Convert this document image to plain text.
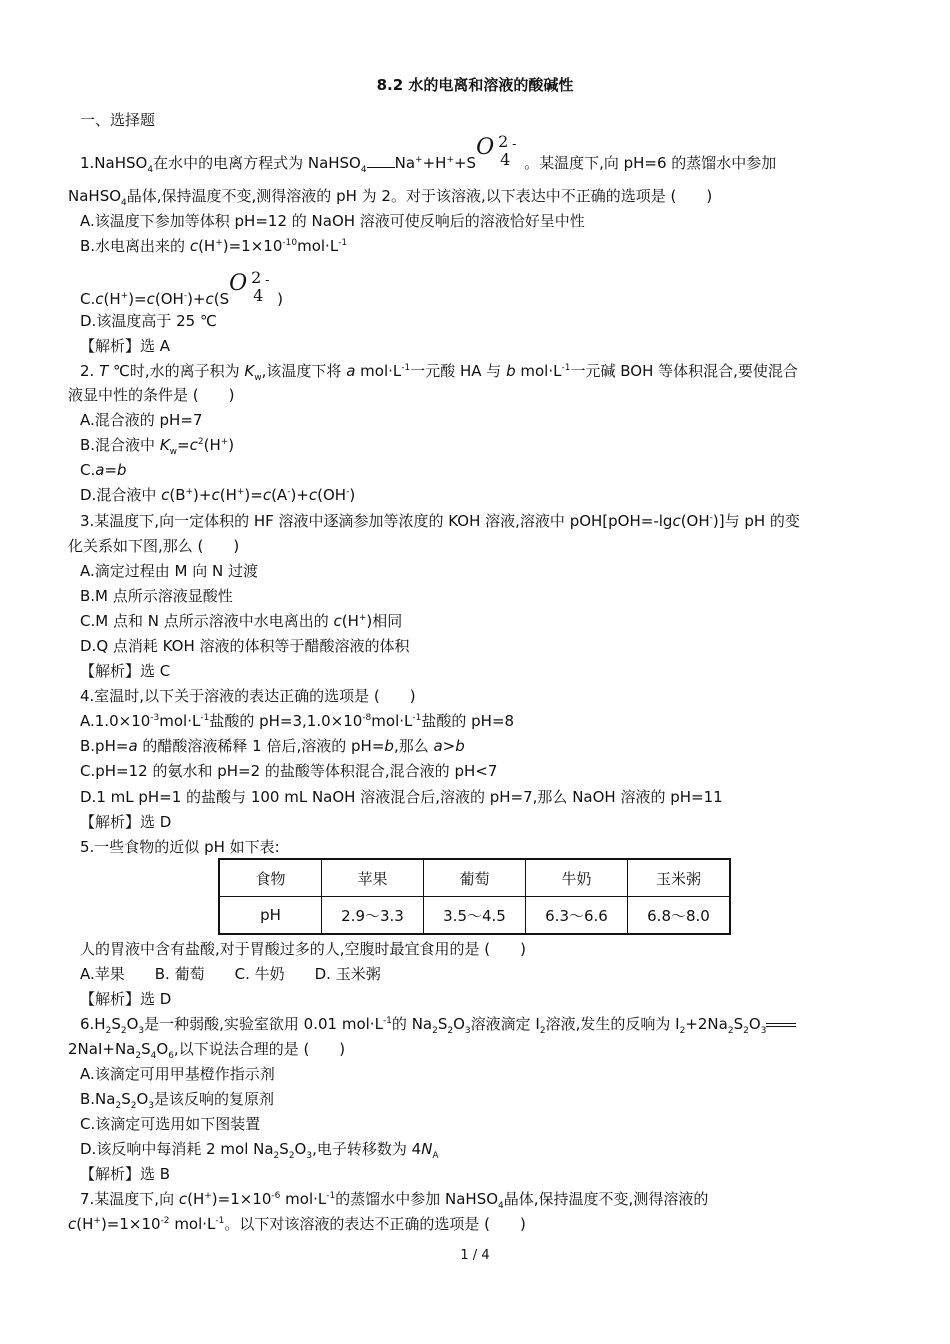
8.2 水的电离和溶液的酸碱性
一、选择题
1.NaHSO$_4$在水中的电离方程式为 NaHSO$_4$ Na++H++S
O 2 -
4 。某温度下,向 pH=6 的蒸馏水中参加
NaHSO$_4$晶体,保持温度不变,测得溶液的 pH 为 2。对于该溶液,以下表达中不正确的选项是 (　　)
A.该温度下参加等体积 pH=12 的 NaOH 溶液可使反响后的溶液恰好呈中性
B.水电离出来的 $c(H^+)=1\times 10^{-10}mol\cdot L^{-1}$
C.c(H+)=c(OH-)+c(S
O 2 -
4 )
D.该温度高于 25 ℃
【解析】选 A
2. T ℃时,水的离子积为 $K_w$,该温度下将 a $mol\cdot L^{-1}$一元酸 HA 与 b $mol\cdot L^{-1}$一元碱 BOH 等体积混合,要使混合
液显中性的条件是 (　　)
A.混合液的 pH=7
B.混合液中 $K_w=c^2(H^+)$
C.a=b
D.混合液中 c(B+)+c(H+)=c(A-)+c(OH-)
3.某温度下,向一定体积的 HF 溶液中逐滴参加等浓度的 KOH 溶液,溶液中 pOH[pOH=-lgc(OH-)]与 pH 的变
化关系如下图,那么 (　　)
A.滴定过程由 M 向 N 过渡
B.M 点所示溶液显酸性
C.M 点和 N 点所示溶液中水电离出的 c(H+)相同
D.Q 点消耗 KOH 溶液的体积等于醋酸溶液的体积
【解析】选 C
4.室温时,以下关于溶液的表达正确的选项是 (　　)
$A.1.0\times 10^{-3}mol\cdot L^{-1}$盐酸的 $pH=3,1.0\times 10^{-8}mol\cdot L^{-1}$盐酸的 pH=8
B.pH=a 的醋酸溶液稀释 1 倍后,溶液的 pH=b,那么 a>b
C.pH=12 的氨水和 pH=2 的盐酸等体积混合,混合液的 pH<7
D.1 mL pH=1 的盐酸与 100 mL NaOH 溶液混合后,溶液的 pH=7,那么 NaOH 溶液的 pH=11
【解析】选 D
5.一些食物的近似 pH 如下表:
食物	苹果	葡萄	牛奶	玉米粥
pH	2.9～3.3	3.5～4.5	6.3～6.6	6.8～8.0
人的胃液中含有盐酸,对于胃酸过多的人,空腹时最宜食用的是 (　　)
A.苹果　　B. 葡萄　　C. 牛奶　　D. 玉米粥
【解析】选 D
$6.H_2S_2O_3$是一种弱酸,实验室欲用 0.01 $mol\cdot L^{-1}$的 $Na_2S_2O_3$溶液滴定 $I_2$溶液,发生的反响为 $I_2+2Na_2S_2O_3$
$2NaI+Na_2S_4O_6$,以下说法合理的是 (　　)
A.该滴定可用甲基橙作指示剂
$B.Na_2S_2O_3$是该反响的复原剂
C.该滴定可选用如下图装置
D.该反响中每消耗 2 mol $Na_2S_2O_3$,电子转移数为 $4N_A$
【解析】选 B
7.某温度下,向 $c(H^+)=1\times 10^{-6}$ $mol\cdot L^{-1}$的蒸馏水中参加 NaHSO$_4$晶体,保持温度不变,测得溶液的
$c(H^+)=1\times 10^{-2}$ $mol\cdot L^{-1}$。以下对该溶液的表达不正确的选项是 (　　)
1 / 4
